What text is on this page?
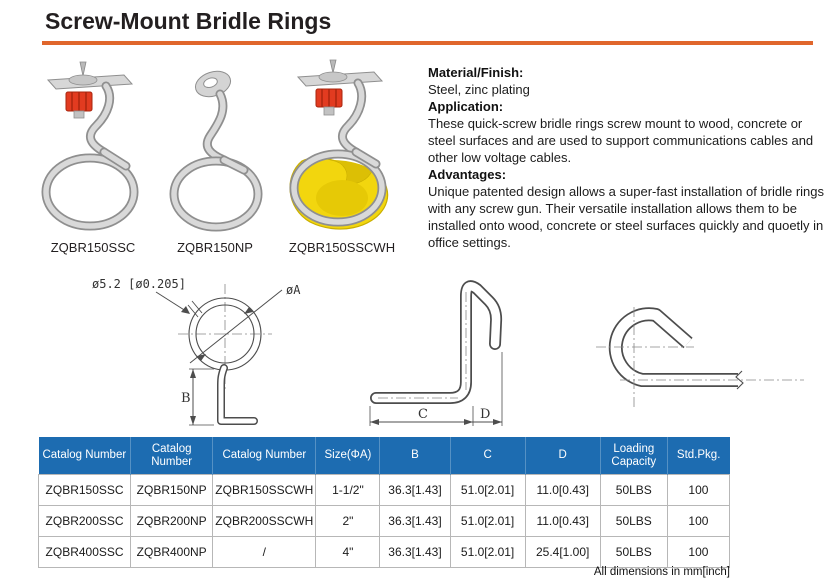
Screw-Mount Bridle Rings
ZQBR150SSC	ZQBR150NP	ZQBR150SSCWH
Material/Finish:
Steel, zinc plating
Application:
These quick-screw bridle rings screw mount to wood, concrete or steel surfaces and are used to support communications cables and other low voltage cables.
Advantages:
Unique patented design allows a super-fast installation of bridle rings with any screw gun. Their versatile installation allows them to be installed onto wood, concrete or steel surfaces quickly and quoetly in office settings.
øA
ø5.2 [ø0.205]
B
C	D
Catalog Number	Catalog Number	Catalog Number	Size(ΦA)	B	C	D	Loading Capacity	Std.Pkg.
ZQBR150SSC	ZQBR150NP	ZQBR150SSCWH	1-1/2"	36.3[1.43]	51.0[2.01]	11.0[0.43]	50LBS	100
ZQBR200SSC	ZQBR200NP	ZQBR200SSCWH	2"	36.3[1.43]	51.0[2.01]	11.0[0.43]	50LBS	100
ZQBR400SSC	ZQBR400NP	/	4"	36.3[1.43]	51.0[2.01]	25.4[1.00]	50LBS	100
All dimensions in mm[inch]
